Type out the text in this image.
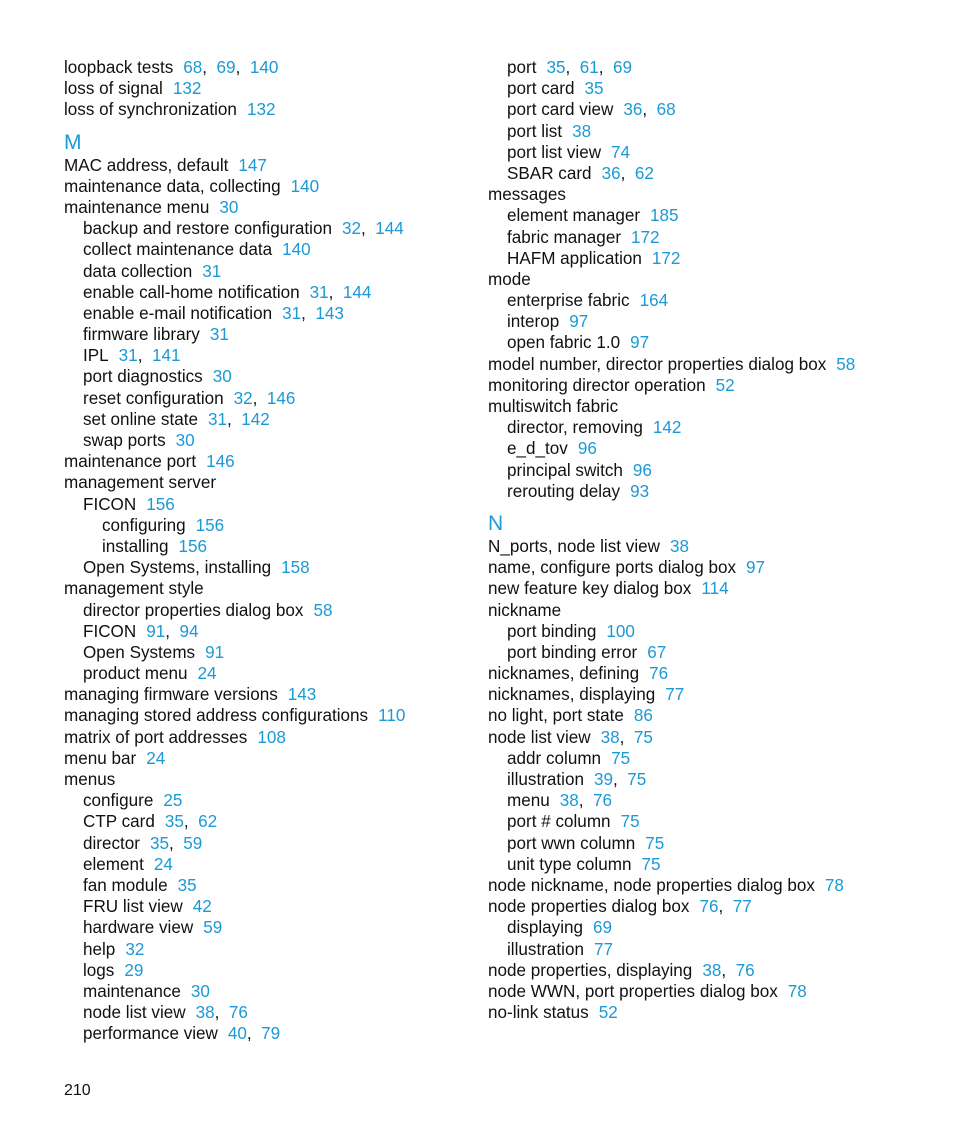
loopback tests 68,  69,  140
loss of signal 132
loss of synchronization 132
M
MAC address, default 147
maintenance data, collecting 140
maintenance menu 30
backup and restore configuration 32,  144
collect maintenance data 140
data collection 31
enable call-home notification 31,  144
enable e-mail notification 31,  143
firmware library 31
IPL 31,  141
port diagnostics 30
reset configuration 32,  146
set online state 31,  142
swap ports 30
maintenance port 146
management server
FICON 156
configuring 156
installing 156
Open Systems, installing 158
management style
director properties dialog box 58
FICON 91,  94
Open Systems 91
product menu 24
managing firmware versions 143
managing stored address configurations 110
matrix of port addresses 108
menu bar 24
menus
configure 25
CTP card 35,  62
director 35,  59
element 24
fan module 35
FRU list view 42
hardware view 59
help 32
logs 29
maintenance 30
node list view 38,  76
performance view 40,  79
port 35,  61,  69
port card 35
port card view 36,  68
port list 38
port list view 74
SBAR card 36,  62
messages
element manager 185
fabric manager 172
HAFM application 172
mode
enterprise fabric 164
interop 97
open fabric 1.0 97
model number, director properties dialog box 58
monitoring director operation 52
multiswitch fabric
director, removing 142
e_d_tov 96
principal switch 96
rerouting delay 93
N
N_ports, node list view 38
name, configure ports dialog box 97
new feature key dialog box 114
nickname
port binding 100
port binding error 67
nicknames, defining 76
nicknames, displaying 77
no light, port state 86
node list view 38,  75
addr column 75
illustration 39,  75
menu 38,  76
port # column 75
port wwn column 75
unit type column 75
node nickname, node properties dialog box 78
node properties dialog box 76,  77
displaying 69
illustration 77
node properties, displaying 38,  76
node WWN, port properties dialog box 78
no-link status 52
210
